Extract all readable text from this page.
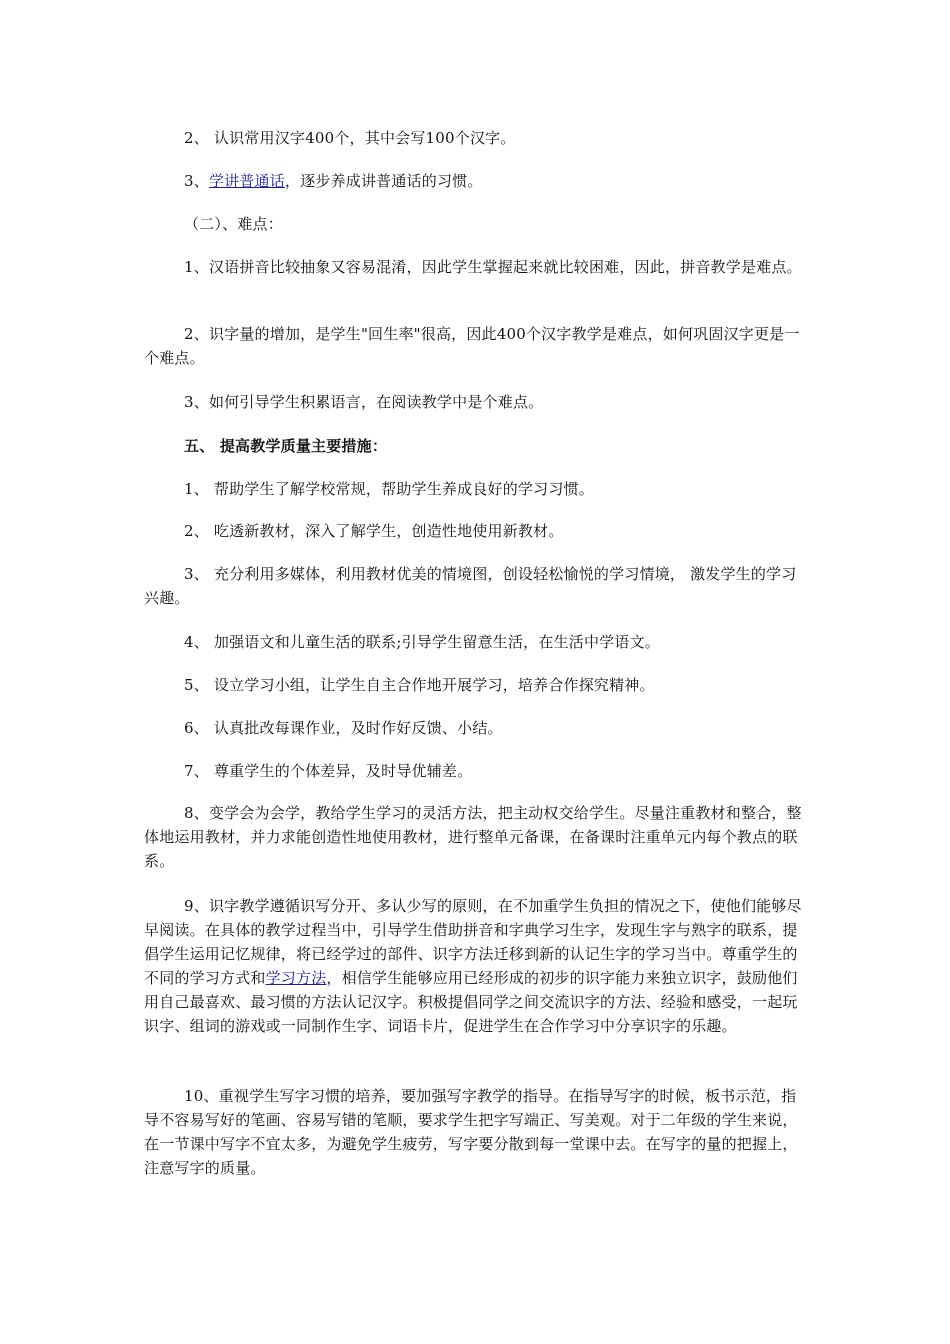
2、 认识常用汉字400个，其中会写100个汉字。

3、学讲普通话，逐步养成讲普通话的习惯。

（二）、难点：

1、汉语拼音比较抽象又容易混淆，因此学生掌握起来就比较困难，因此，拼音教学是难点。

2、识字量的增加，是学生"回生率"很高，因此400个汉字教学是难点，如何巩固汉字更是一个难点。

3、如何引导学生积累语言，在阅读教学中是个难点。

五、 提高教学质量主要措施：

1、 帮助学生了解学校常规，帮助学生养成良好的学习习惯。

2、 吃透新教材，深入了解学生，创造性地使用新教材。

3、 充分利用多媒体，利用教材优美的情境图，创设轻松愉悦的学习情境， 激发学生的学习兴趣。

4、 加强语文和儿童生活的联系;引导学生留意生活，在生活中学语文。

5、 设立学习小组，让学生自主合作地开展学习，培养合作探究精神。

6、 认真批改每课作业，及时作好反馈、小结。

7、 尊重学生的个体差异，及时导优辅差。

8、变学会为会学，教给学生学习的灵活方法，把主动权交给学生。尽量注重教材和整合，整体地运用教材，并力求能创造性地使用教材，进行整单元备课，在备课时注重单元内每个教点的联系。

9、识字教学遵循识写分开、多认少写的原则，在不加重学生负担的情况之下，使他们能够尽早阅读。在具体的教学过程当中，引导学生借助拼音和字典学习生字，发现生字与熟字的联系，提倡学生运用记忆规律，将已经学过的部件、识字方法迁移到新的认记生字的学习当中。尊重学生的不同的学习方式和学习方法，相信学生能够应用已经形成的初步的识字能力来独立识字，鼓励他们用自己最喜欢、最习惯的方法认记汉字。积极提倡同学之间交流识字的方法、经验和感受，一起玩识字、组词的游戏或一同制作生字、词语卡片，促进学生在合作学习中分享识字的乐趣。

10、重视学生写字习惯的培养，要加强写字教学的指导。在指导写字的时候，板书示范，指导不容易写好的笔画、容易写错的笔顺，要求学生把字写端正、写美观。对于二年级的学生来说，在一节课中写字不宜太多，为避免学生疲劳，写字要分散到每一堂课中去。在写字的量的把握上，注意写字的质量。
